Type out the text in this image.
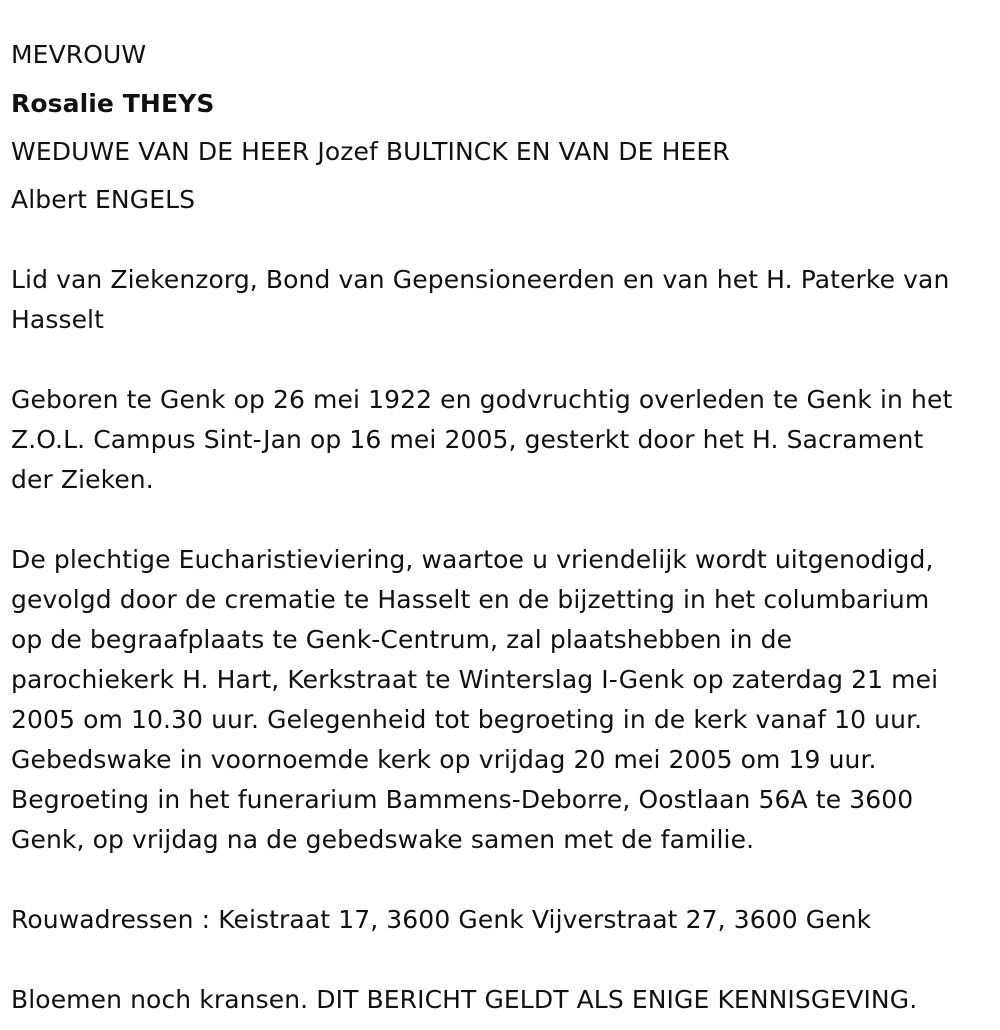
MEVROUW
Rosalie THEYS
WEDUWE VAN DE HEER Jozef BULTINCK EN VAN DE HEER
Albert ENGELS
Lid van Ziekenzorg, Bond van Gepensioneerden en van het H. Paterke van
Hasselt
Geboren te Genk op 26 mei 1922 en godvruchtig overleden te Genk in het
Z.O.L. Campus Sint-Jan op 16 mei 2005, gesterkt door het H. Sacrament
der Zieken.
De plechtige Eucharistieviering, waartoe u vriendelijk wordt uitgenodigd,
gevolgd door de crematie te Hasselt en de bijzetting in het columbarium
op de begraafplaats te Genk-Centrum, zal plaatshebben in de
parochiekerk H. Hart, Kerkstraat te Winterslag I-Genk op zaterdag 21 mei
2005 om 10.30 uur. Gelegenheid tot begroeting in de kerk vanaf 10 uur.
Gebedswake in voornoemde kerk op vrijdag 20 mei 2005 om 19 uur.
Begroeting in het funerarium Bammens-Deborre, Oostlaan 56A te 3600
Genk, op vrijdag na de gebedswake samen met de familie.
Rouwadressen : Keistraat 17, 3600 Genk Vijverstraat 27, 3600 Genk
Bloemen noch kransen. DIT BERICHT GELDT ALS ENIGE KENNISGEVING.
